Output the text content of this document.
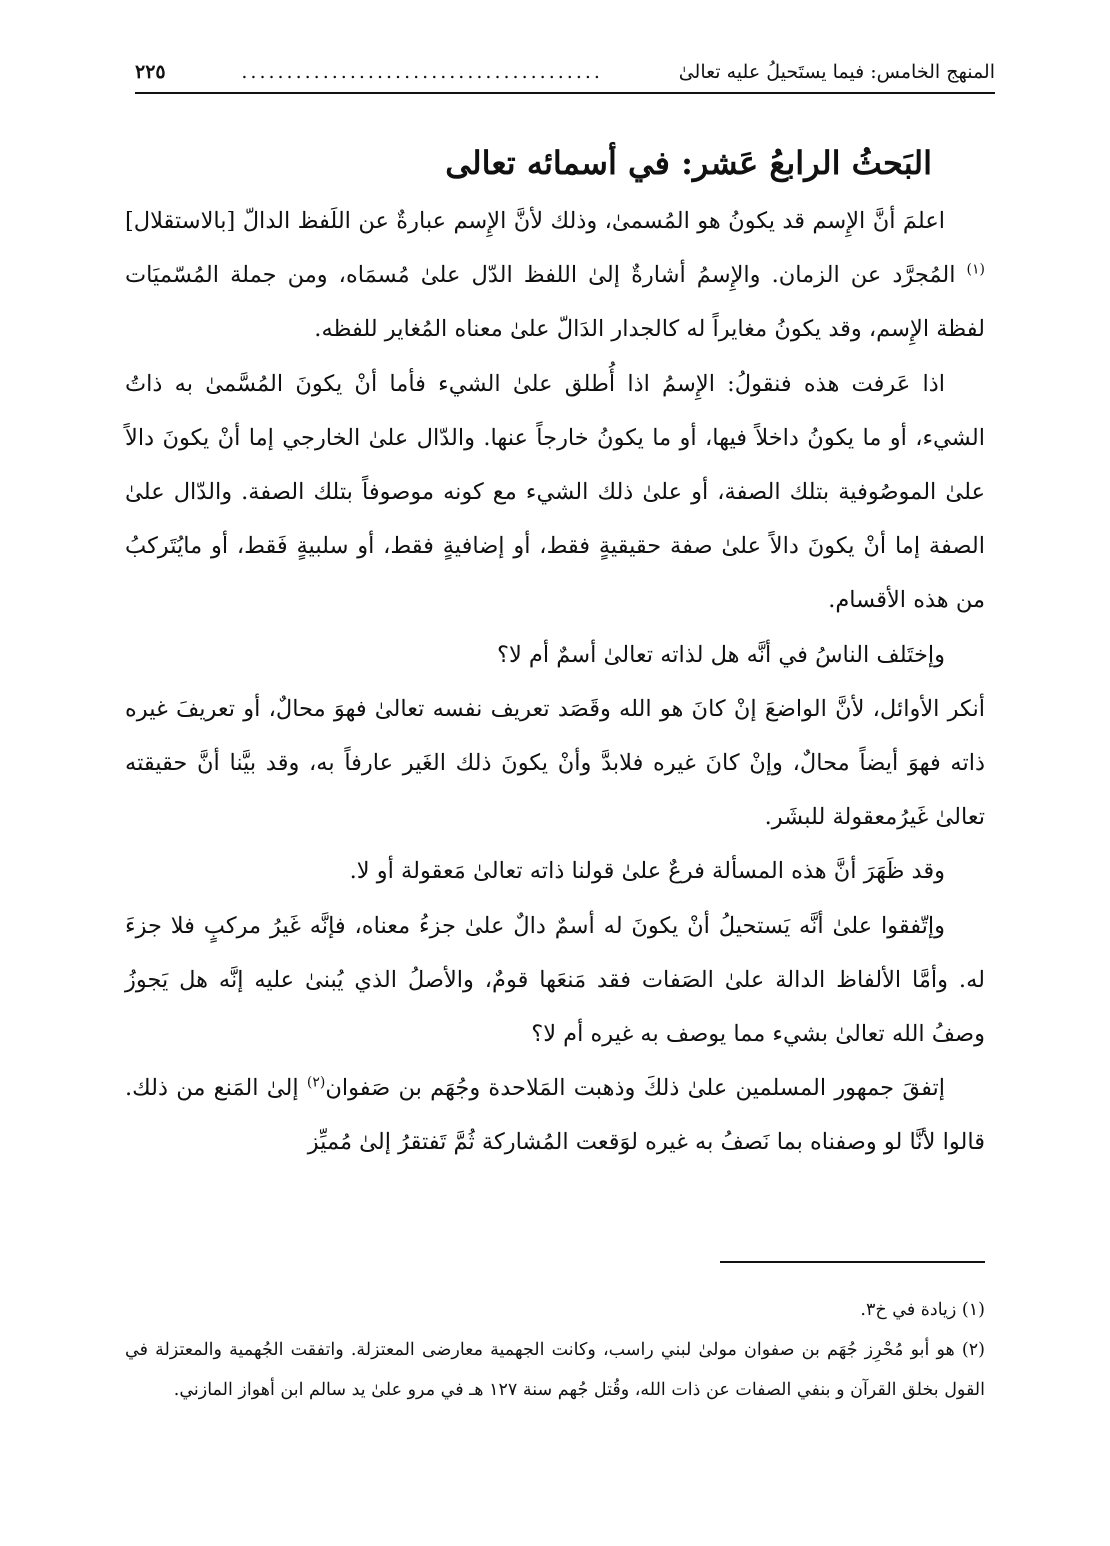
المنهج الخامس: فيما يستَحيلُ عليه تعالىٰ
........................................
٢٢٥
البَحثُ الرابعُ عَشر: في أسمائه تعالى

اعلمَ أنَّ الإِسم قد يكونُ هو المُسمىٰ، وذلك لأنَّ الإِسم عبارةٌ عن اللَفظ الدالّ [بالاستقلال]$^{(١)}$ المُجرَّد عن الزمان. والإِسمُ أشارةٌ إلىٰ اللفظ الدّل علىٰ مُسمَاه، ومن جملة المُسّميَات لفظة الإِسم، وقد يكونُ مغايراً له كالجدار الدَالّ علىٰ معناه المُغاير للفظه.

اذا عَرفت هذه فنقولُ: الإِسمُ اذا أُطلق علىٰ الشيء فأما أنْ يكونَ المُسَّمىٰ به ذاتُ الشيء، أو ما يكونُ داخلاً فيها، أو ما يكونُ خارجاً عنها. والدّال علىٰ الخارجي إما أنْ يكونَ دالاً علىٰ الموصُوفية بتلك الصفة، أو علىٰ ذلك الشيء مع كونه موصوفاً بتلك الصفة. والدّال علىٰ الصفة إما أنْ يكونَ دالاً علىٰ صفة حقيقيةٍ فقط، أو إضافيةٍ فقط، أو سلبيةٍ فَقط، أو مايُتَركبُ من هذه الأقسام.

وإختَلف الناسُ في أنَّه هل لذاته تعالىٰ أسمٌ أم لا؟

أنكر الأوائل، لأنَّ الواضعَ إنْ كانَ هو الله وقَصَد تعريف نفسه تعالىٰ فهوَ محالٌ، أو تعريفَ غيره ذاته فهوَ أيضاً محالٌ، وإنْ كانَ غيره فلابدَّ وأنْ يكونَ ذلك الغَير عارفاً به، وقد بيَّنا أنَّ حقيقته تعالىٰ غَيرُمعقولة للبشَر.

وقد ظَهَرَ أنَّ هذه المسألة فرعٌ علىٰ قولنا ذاته تعالىٰ مَعقولة أو لا.

وإتّفقوا علىٰ أنَّه يَستحيلُ أنْ يكونَ له أسمٌ دالٌ علىٰ جزءُ معناه، فإنَّه غَيرُ مركبٍ فلا جزءَ له. وأمَّا الألفاظ الدالة علىٰ الصَفات فقد مَنعَها قومٌ، والأصلُ الذي يُبنىٰ عليه إنَّه هل يَجوزُ وصفُ الله تعالىٰ بشيء مما يوصف به غيره أم لا؟

إتفقَ جمهور المسلمين علىٰ ذلكَ وذهبت المَلاحدة وجُهَم بن صَفوان$^{(٢)}$ إلىٰ المَنع من ذلك. قالوا لأنَّا لو وصفناه بما نَصفُ به غيره لوَقعت المُشاركة ثُمَّ تَفتقرُ إلىٰ مُميِّز

(١) زيادة في خ٣.

(٢) هو أبو مُحْرِز جُهَم بن صفوان مولىٰ لبني راسب، وكانت الجهمية معارضى المعتزلة. واتفقت الجُهمية والمعتزلة في القول بخلق القرآن و بنفي الصفات عن ذات الله، وقُتل جُهم سنة ١٢٧ هـ في مرو علىٰ يد سالم ابن أهواز المازني.
